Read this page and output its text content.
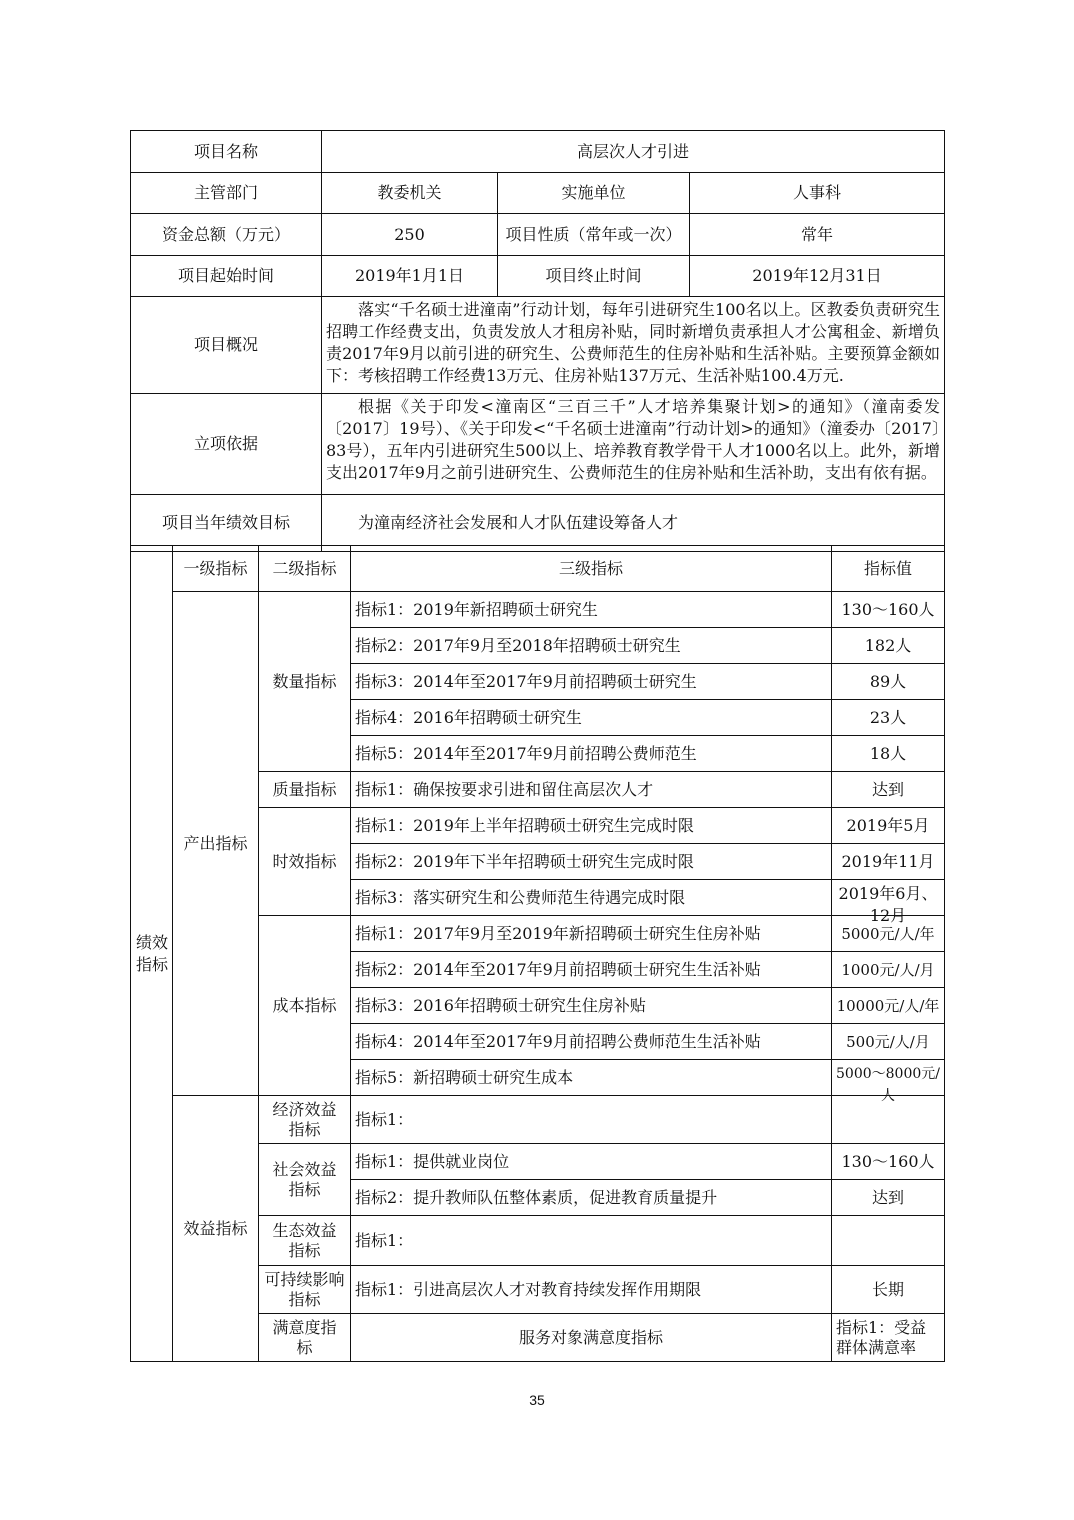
项目名称	高层次人才引进		
主管部门	教委机关	实施单位	人事科
资金总额（万元）	250	项目性质（常年或一次）	常年
项目起始时间	2019年1月1日	项目终止时间	2019年12月31日
项目概况	落实“千名硕士进潼南”行动计划，每年引进研究生100名以上。区教委负责研究生招聘工作经费支出，负责发放人才租房补贴，同时新增负责承担人才公寓租金、新增负责2017年9月以前引进的研究生、公费师范生的住房补贴和生活补贴。主要预算金额如下：考核招聘工作经费13万元、住房补贴137万元、生活补贴100.4万元.		

立项依据	根据《关于印发<潼南区“三百三千”人才培养集聚计划>的通知》（潼南委发〔2017〕19号）、《关于印发<“千名硕士进潼南”行动计划>的通知》（潼委办〔2017〕83号），五年内引进研究生500以上、培养教育教学骨干人才1000名以上。此外，新增支出2017年9月之前引进研究生、公费师范生的住房补贴和生活补助，支出有依有据。		

项目当年绩效目标	为潼南经济社会发展和人才队伍建设筹备人才		
绩效指标	一级指标	二级指标	三级指标	指标值	
	产出指标	数量指标	指标1：2019年新招聘硕士研究生	130～160人	
			指标2：2017年9月至2018年招聘硕士研究生	182人	
			指标3：2014年至2017年9月前招聘硕士研究生	89人	
			指标4：2016年招聘硕士研究生	23人	
			指标5：2014年至2017年9月前招聘公费师范生	18人	
		质量指标	指标1：确保按要求引进和留住高层次人才	达到	
		时效指标	指标1：2019年上半年招聘硕士研究生完成时限	2019年5月	
			指标2：2019年下半年招聘硕士研究生完成时限	2019年11月	
			指标3：落实研究生和公费师范生待遇完成时限	2019年6月、12月	

		成本指标	指标1：2017年9月至2019年新招聘硕士研究生住房补贴	5000元/人/年	
			指标2：2014年至2017年9月前招聘硕士研究生生活补贴	1000元/人/月	
			指标3：2016年招聘硕士研究生住房补贴	10000元/人/年	
			指标4：2014年至2017年9月前招聘公费师范生生活补贴	500元/人/月	
			指标5：新招聘硕士研究生成本	5000～8000元/人	

	效益指标	经济效益指标	指标1：		
		社会效益指标	指标1：提供就业岗位	130～160人	
			指标2：提升教师队伍整体素质，促进教育质量提升	达到	
		生态效益指标	指标1：		
		可持续影响指标	指标1：引进高层次人才对教育持续发挥作用期限	长期	
		满意度指标	服务对象满意度指标	指标1：受益群体满意率	
35
